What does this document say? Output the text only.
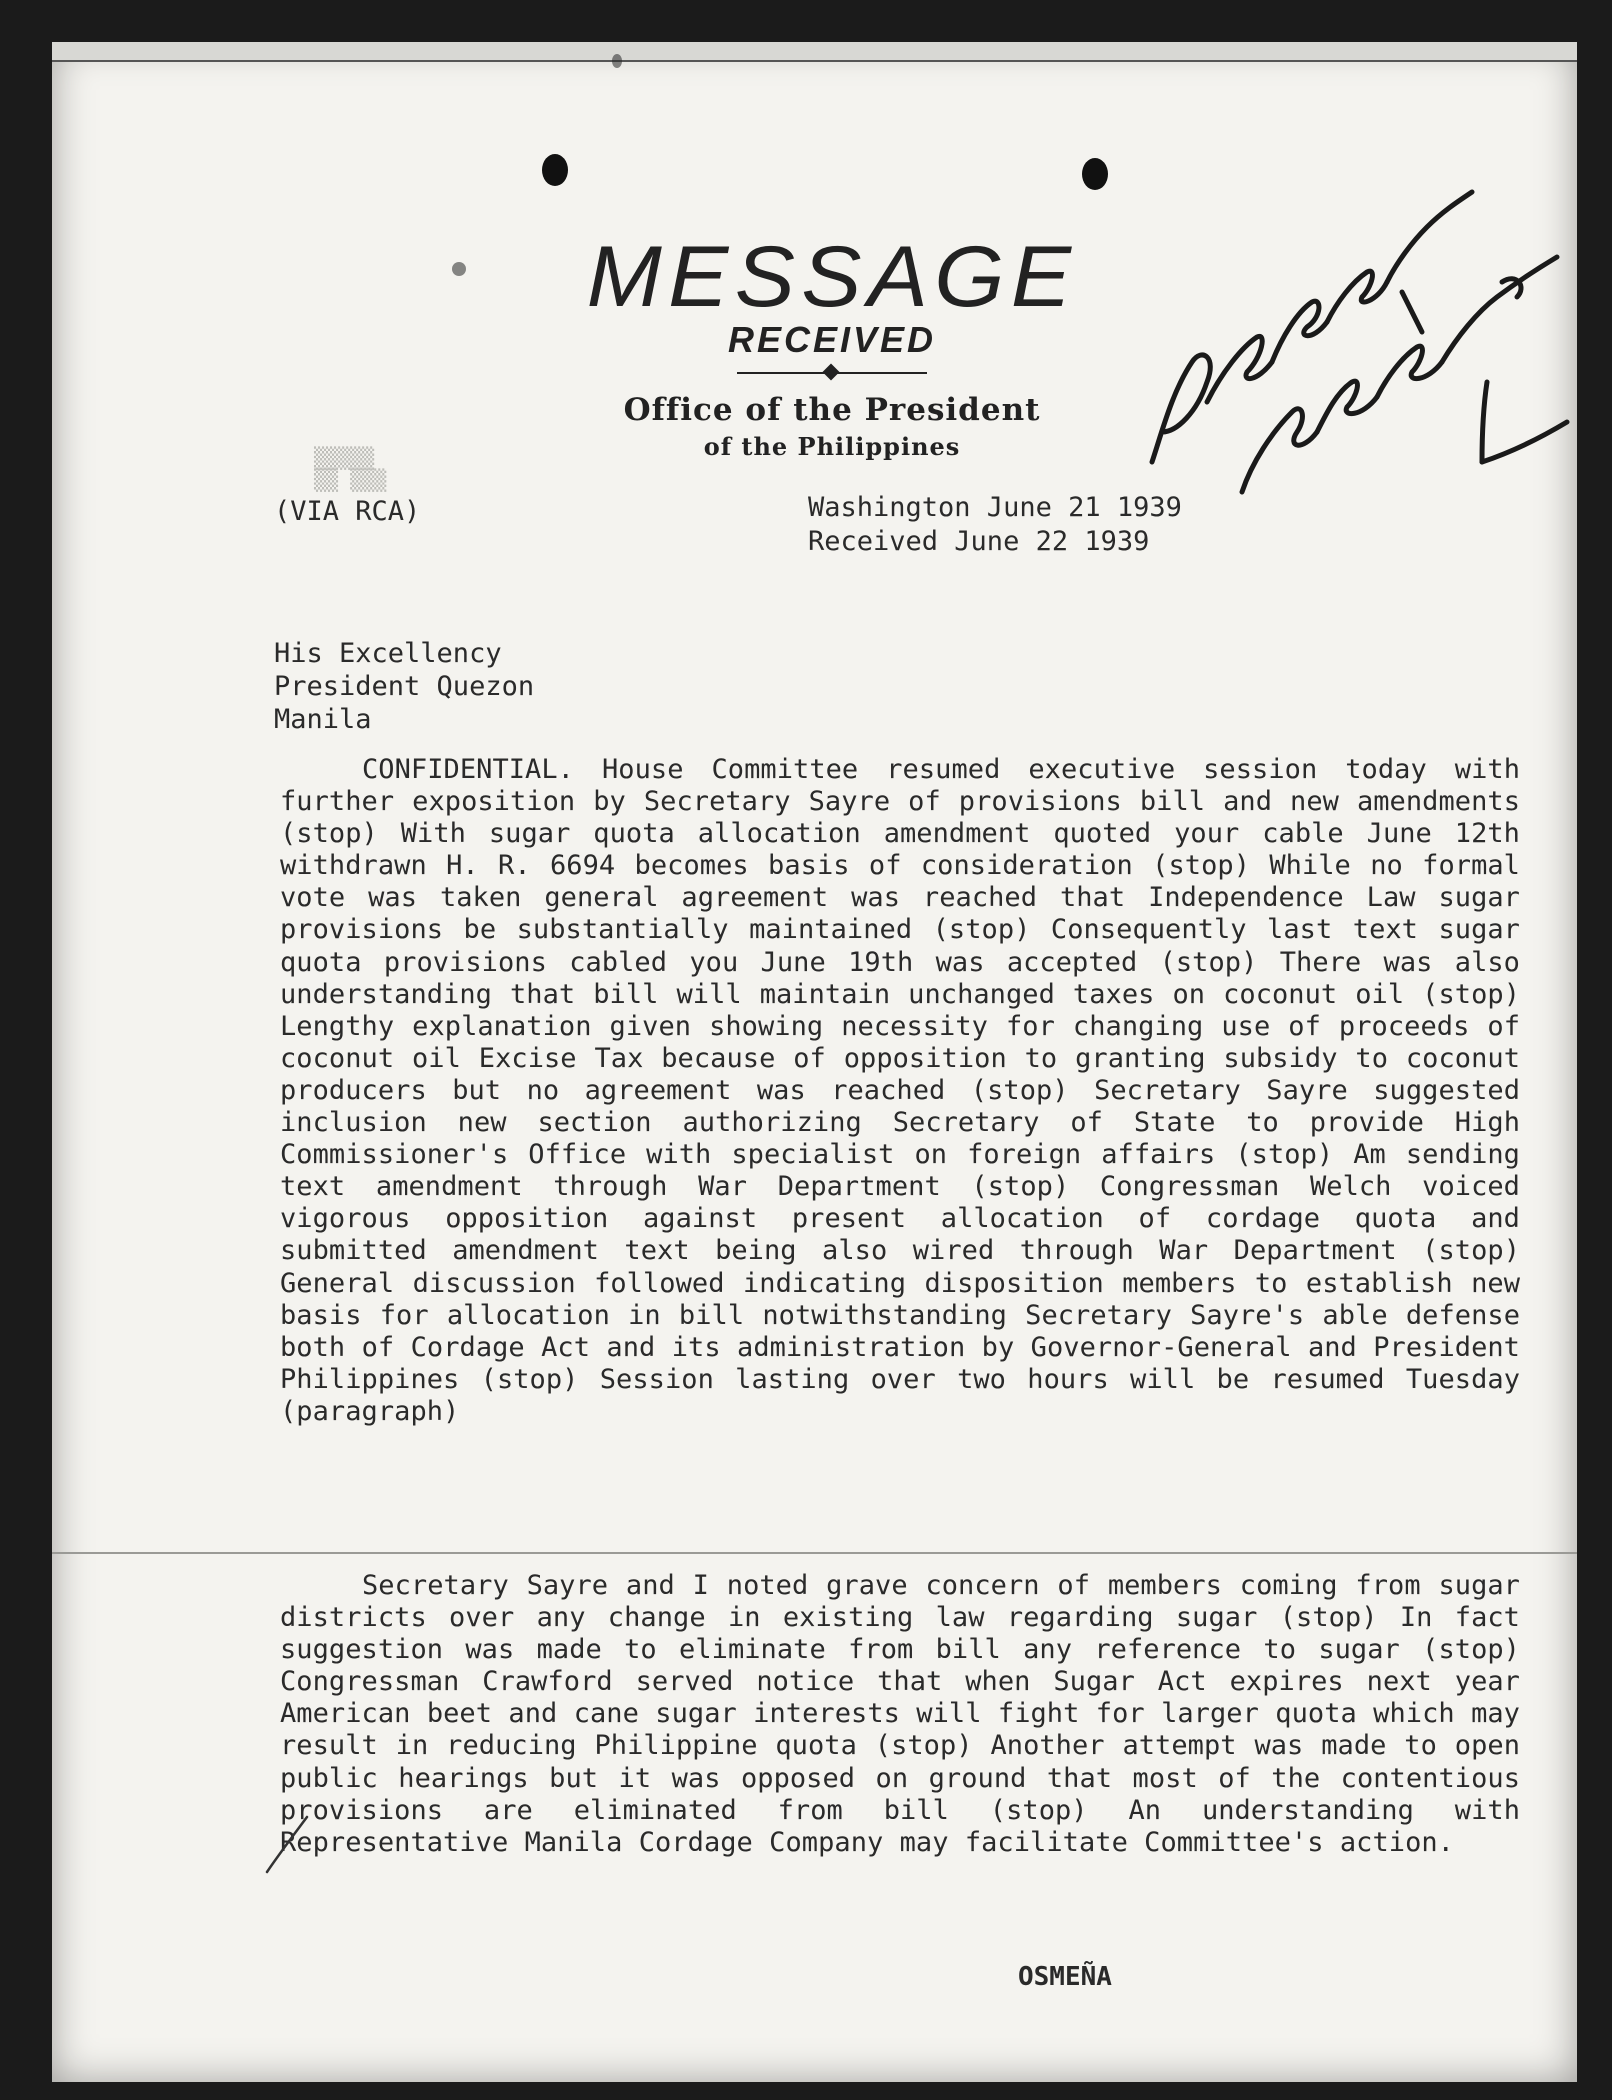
MESSAGE
RECEIVED
Office of the President
of the Philippines
▒▒▒▒▒
▒▒ ▒▒▒
(VIA RCA)	Washington June 21 1939
Received June 22 1939
His Excellency
President Quezon
Manila
CONFIDENTIAL. House Committee resumed executive session today with further exposition by Secretary Sayre of provisions bill and new amendments (stop) With sugar quota allocation amendment quoted your cable June 12th withdrawn H. R. 6694 becomes basis of consideration (stop) While no formal vote was taken general agreement was reached that Independence Law sugar provisions be substantially maintained (stop) Consequently last text sugar quota provisions cabled you June 19th was accepted (stop) There was also understanding that bill will maintain unchanged taxes on coconut oil (stop) Lengthy explanation given showing necessity for changing use of proceeds of coconut oil Excise Tax because of opposition to granting subsidy to coconut producers but no agreement was reached (stop) Secretary Sayre suggested inclusion new section authorizing Secretary of State to provide High Commissioner's Office with specialist on foreign affairs (stop) Am sending text amendment through War Department (stop) Congressman Welch voiced vigorous opposition against present allocation of cordage quota and submitted amendment text being also wired through War Department (stop) General discussion followed indicating disposition members to establish new basis for allocation in bill notwithstanding Secretary Sayre's able defense both of Cordage Act and its administration by Governor-General and President Philippines (stop) Session lasting over two hours will be resumed Tuesday (paragraph)
Secretary Sayre and I noted grave concern of members coming from sugar districts over any change in existing law regarding sugar (stop) In fact suggestion was made to eliminate from bill any reference to sugar (stop) Congressman Crawford served notice that when Sugar Act expires next year American beet and cane sugar interests will fight for larger quota which may result in reducing Philippine quota (stop) Another attempt was made to open public hearings but it was opposed on ground that most of the contentious provisions are eliminated from bill (stop) An understanding with Representative Manila Cordage Company may facilitate Committee's action.
OSMEÑA
